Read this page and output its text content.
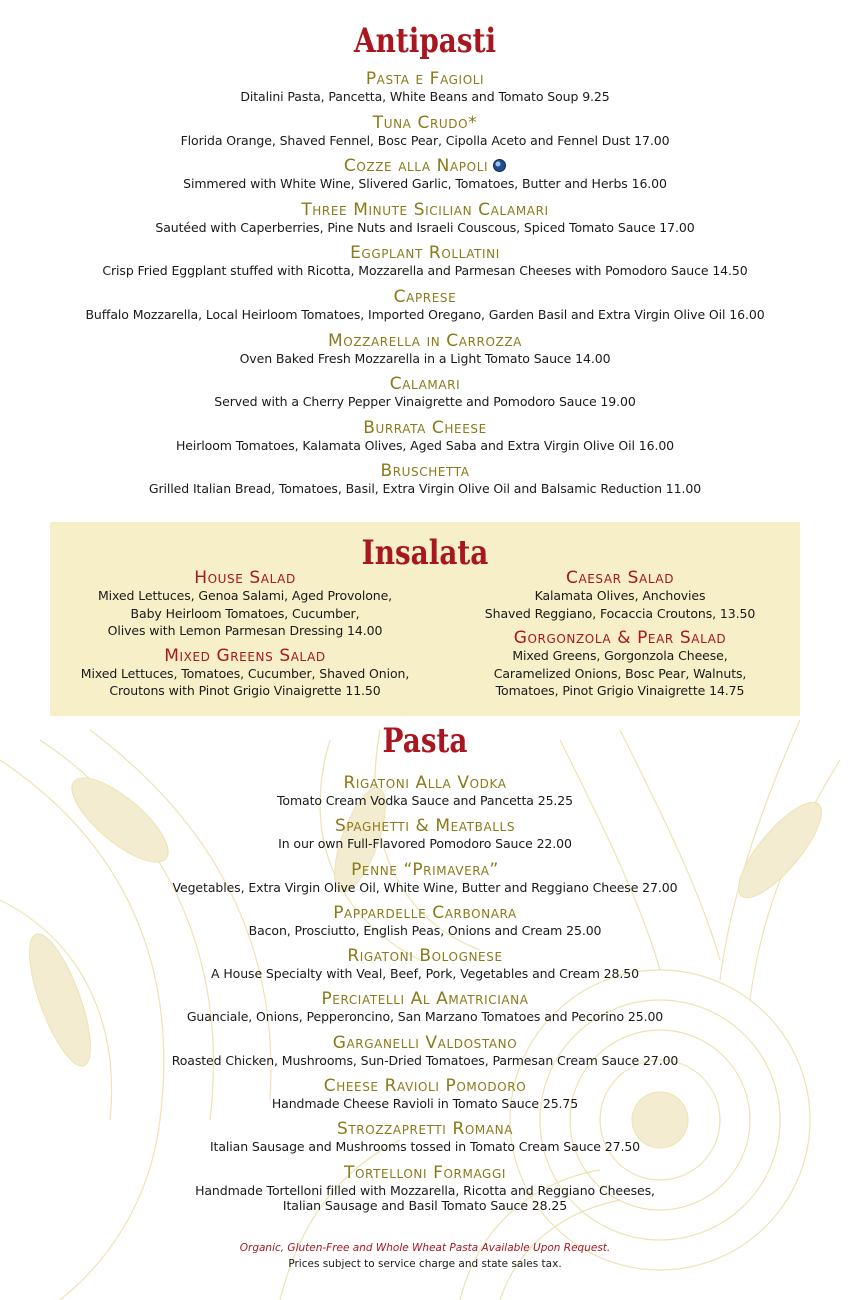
Antipasti
Pasta e Fagioli
Ditalini Pasta, Pancetta, White Beans and Tomato Soup 9.25
Tuna Crudo*
Florida Orange, Shaved Fennel, Bosc Pear, Cipolla Aceto and Fennel Dust 17.00
Cozze alla Napoli
Simmered with White Wine, Slivered Garlic, Tomatoes, Butter and Herbs 16.00
Three Minute Sicilian Calamari
Sautéed with Caperberries, Pine Nuts and Israeli Couscous, Spiced Tomato Sauce 17.00
Eggplant Rollatini
Crisp Fried Eggplant stuffed with Ricotta, Mozzarella and Parmesan Cheeses with Pomodoro Sauce 14.50
Caprese
Buffalo Mozzarella, Local Heirloom Tomatoes, Imported Oregano, Garden Basil and Extra Virgin Olive Oil 16.00
Mozzarella in Carrozza
Oven Baked Fresh Mozzarella in a Light Tomato Sauce 14.00
Calamari
Served with a Cherry Pepper Vinaigrette and Pomodoro Sauce 19.00
Burrata Cheese
Heirloom Tomatoes, Kalamata Olives, Aged Saba and Extra Virgin Olive Oil 16.00
Bruschetta
Grilled Italian Bread, Tomatoes, Basil, Extra Virgin Olive Oil and Balsamic Reduction 11.00
Insalata
House Salad
Mixed Lettuces, Genoa Salami, Aged Provolone,
Baby Heirloom Tomatoes, Cucumber,
Olives with Lemon Parmesan Dressing 14.00
Mixed Greens Salad
Mixed Lettuces, Tomatoes, Cucumber, Shaved Onion,
Croutons with Pinot Grigio Vinaigrette 11.50
Caesar Salad
Kalamata Olives, Anchovies
Shaved Reggiano, Focaccia Croutons, 13.50
Gorgonzola & Pear Salad
Mixed Greens, Gorgonzola Cheese,
Caramelized Onions, Bosc Pear, Walnuts,
Tomatoes, Pinot Grigio Vinaigrette 14.75
Pasta
Rigatoni Alla Vodka
Tomato Cream Vodka Sauce and Pancetta 25.25
Spaghetti & Meatballs
In our own Full-Flavored Pomodoro Sauce 22.00
Penne “Primavera”
Vegetables, Extra Virgin Olive Oil, White Wine, Butter and Reggiano Cheese 27.00
Pappardelle Carbonara
Bacon, Prosciutto, English Peas, Onions and Cream 25.00
Rigatoni Bolognese
A House Specialty with Veal, Beef, Pork, Vegetables and Cream 28.50
Perciatelli Al Amatriciana
Guanciale, Onions, Pepperoncino, San Marzano Tomatoes and Pecorino 25.00
Garganelli Valdostano
Roasted Chicken, Mushrooms, Sun-Dried Tomatoes, Parmesan Cream Sauce 27.00
Cheese Ravioli Pomodoro
Handmade Cheese Ravioli in Tomato Sauce 25.75
Strozzapretti Romana
Italian Sausage and Mushrooms tossed in Tomato Cream Sauce 27.50
Tortelloni Formaggi
Handmade Tortelloni filled with Mozzarella, Ricotta and Reggiano Cheeses,
Italian Sausage and Basil Tomato Sauce 28.25
Organic, Gluten-Free and Whole Wheat Pasta Available Upon Request.
Prices subject to service charge and state sales tax.
